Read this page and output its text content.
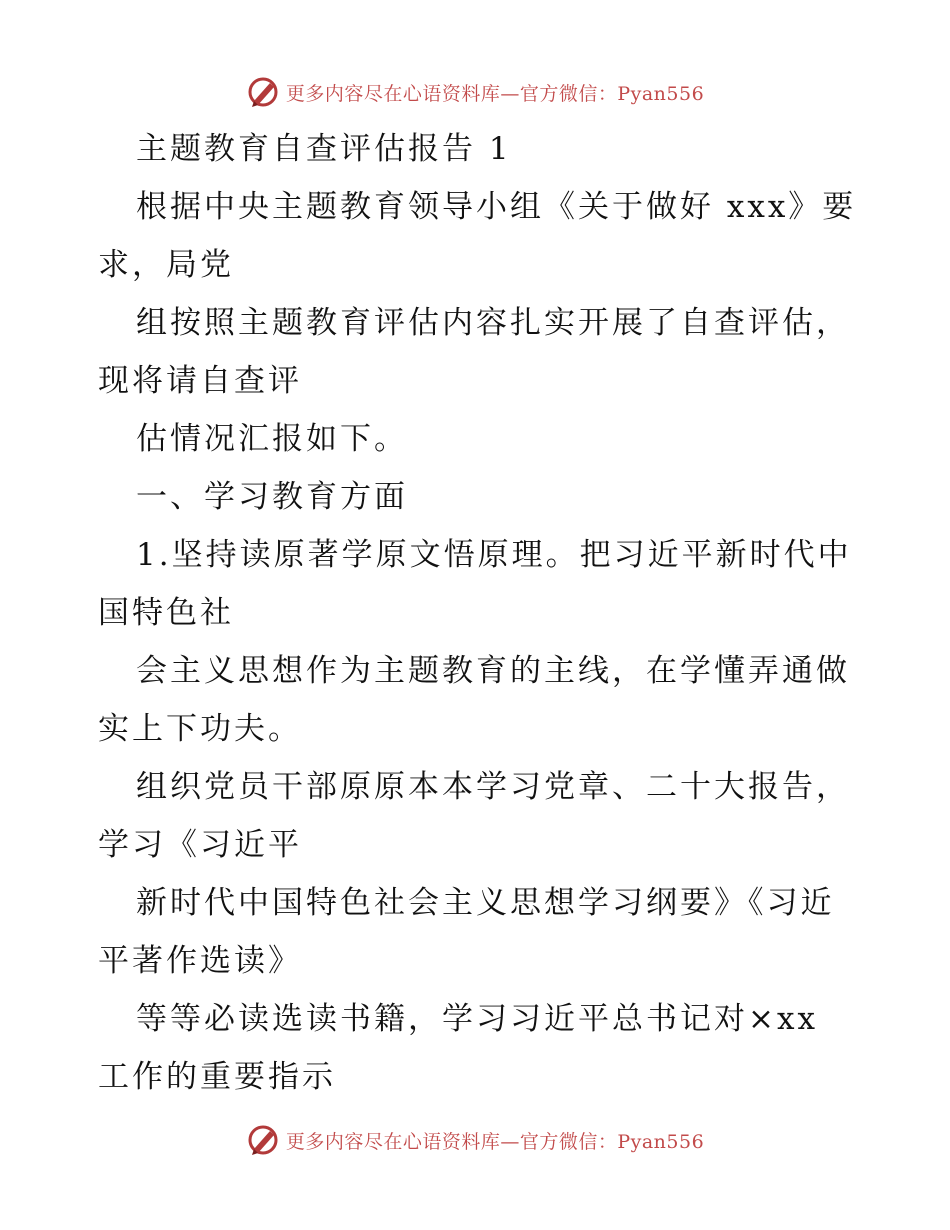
更多内容尽在心语资料库—官方微信：Pyan556
主题教育自查评估报告 1
根据中央主题教育领导小组《关于做好 xxx》要
求，局党
组按照主题教育评估内容扎实开展了自查评估，
现将请自查评
估情况汇报如下。
一、学习教育方面
1.坚持读原著学原文悟原理。把习近平新时代中
国特色社
会主义思想作为主题教育的主线，在学懂弄通做
实上下功夫。
组织党员干部原原本本学习党章、二十大报告，
学习《习近平
新时代中国特色社会主义思想学习纲要》《习近
平著作选读》
等等必读选读书籍，学习习近平总书记对×xx
工作的重要指示
更多内容尽在心语资料库—官方微信：Pyan556
